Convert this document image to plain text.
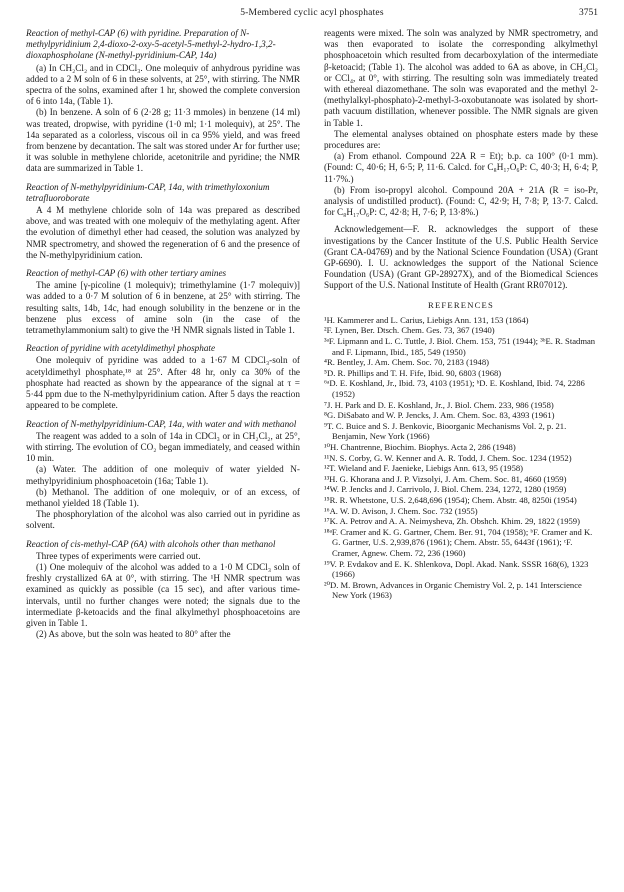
5-Membered cyclic acyl phosphates	3751

Reaction of methyl-CAP (6) with pyridine. Preparation of N-methylpyridinium 2,4-dioxo-2-oxy-5-acetyl-5-methyl-2-hydro-1,3,2-dioxaphospholane (N-methyl-pyridinium-CAP, 14a)

(a) In CH₂Cl₂ and in CDCl₃. One molequiv of anhydrous pyridine was added to a 2 M soln of 6 in these solvents, at 25°, with stirring. The NMR spectra of the solns, examined after 1 hr, showed the complete conversion of 6 into 14a, (Table 1).

(b) In benzene. A soln of 6 (2·28 g; 11·3 mmoles) in benzene (14 ml) was treated, dropwise, with pyridine (1·0 ml; 1·1 molequiv), at 25°. The 14a separated as a colorless, viscous oil in ca 95% yield, and was freed from benzene by decantation. The salt was stored under Ar for further use; it was soluble in methylene chloride, acetonitrile and pyridine; the NMR data are summarized in Table 1.

Reaction of N-methylpyridinium-CAP, 14a, with trimethyloxonium tetrafluoroborate

A 4 M methylene chloride soln of 14a was prepared as described above, and was treated with one molequiv of the methylating agent. After the evolution of dimethyl ether had ceased, the solution was analyzed by NMR spectrometry, and showed the regeneration of 6 and the presence of the N-methylpyridinium cation.

Reaction of methyl-CAP (6) with other tertiary amines

The amine [γ-picoline (1 molequiv); trimethylamine (1·7 molequiv)] was added to a 0·7 M solution of 6 in benzene, at 25° with stirring. The resulting salts, 14b, 14c, had enough solubility in the benzene or in the benzene plus excess of amine soln (in the case of the tetramethylammonium salt) to give the ¹H NMR signals listed in Table 1.

Reaction of pyridine with acetyldimethyl phosphate

One molequiv of pyridine was added to a 1·67 M CDCl₃-soln of acetyldimethyl phosphate,¹⁸ at 25°. After 48 hr, only ca 30% of the phosphate had reacted as shown by the appearance of the signal at τ = 5·44 ppm due to the N-methylpyridinium cation. After 5 days the reaction appeared to be complete.

Reaction of N-methylpyridinium-CAP, 14a, with water and with methanol

The reagent was added to a soln of 14a in CDCl₃ or in CH₂Cl₂, at 25°, with stirring. The evolution of CO₂ began immediately, and ceased within 10 min.

(a) Water. The addition of one molequiv of water yielded N-methylpyridinium phosphoacetoin (16a; Table 1).

(b) Methanol. The addition of one molequiv, or of an excess, of methanol yielded 18 (Table 1).

The phosphorylation of the alcohol was also carried out in pyridine as solvent.

Reaction of cis-methyl-CAP (6A) with alcohols other than methanol

Three types of experiments were carried out.

(1) One molequiv of the alcohol was added to a 1·0 M CDCl₃ soln of freshly crystallized 6A at 0°, with stirring. The ¹H NMR spectrum was examined as quickly as possible (ca 15 sec), and after various time-intervals, until no further changes were noted; the signals due to the intermediate β-ketoacids and the final alkylmethyl phosphoacetoins are given in Table 1.

(2) As above, but the soln was heated to 80° after the

reagents were mixed. The soln was analyzed by NMR spectrometry, and was then evaporated to isolate the corresponding alkylmethyl phosphoacetoin which resulted from decarboxylation of the intermediate β-ketoacid; (Table 1). The alcohol was added to 6A as above, in CH₂Cl₂ or CCl₄, at 0°, with stirring. The resulting soln was immediately treated with ethereal diazomethane. The soln was evaporated and the methyl 2-(methylalkyl-phosphato)-2-methyl-3-oxobutanoate was isolated by short-path vacuum distillation, whenever possible. The NMR signals are given in Table 1.

The elemental analyses obtained on phosphate esters made by these procedures are:

(a) From ethanol. Compound 22A R = Et); b.p. ca 100° (0·1 mm). (Found: C, 40·6; H, 6·5; P, 11·6. Calcd. for C₈H₁₇O₆P: C, 40·3; H, 6·4; P, 11·7%.)

(b) From iso-propyl alcohol. Compound 20A + 21A (R = iso-Pr, analysis of undistilled product). (Found: C, 42·9; H, 7·8; P, 13·7. Calcd. for C₈H₁₇O₆P: C, 42·8; H, 7·6; P, 13·8%.)

Acknowledgement—F. R. acknowledges the support of these investigations by the Cancer Institute of the U.S. Public Health Service (Grant CA-04769) and by the National Science Foundation (USA) (Grant GP-6690). I. U. acknowledges the support of the National Science Foundation (USA) (Grant GP-28927X), and of the Biomedical Sciences Support of the U.S. National Institute of Health (Grant RR07012).

REFERENCES

¹H. Kammerer and L. Carius, Liebigs Ann. 131, 153 (1864)

²F. Lynen, Ber. Dtsch. Chem. Ges. 73, 367 (1940)

³ᵃF. Lipmann and L. C. Tuttle, J. Biol. Chem. 153, 751 (1944); ³ᵇE. R. Stadman and F. Lipmann, Ibid., 185, 549 (1950)

⁴R. Bentley, J. Am. Chem. Soc. 70, 2183 (1948)

⁵D. R. Phillips and T. H. Fife, Ibid. 90, 6803 (1968)

⁶ᵃD. E. Koshland, Jr., Ibid. 73, 4103 (1951); ᵇD. E. Koshland, Ibid. 74, 2286 (1952)

⁷J. H. Park and D. E. Koshland, Jr., J. Biol. Chem. 233, 986 (1958)

⁸G. DiSabato and W. P. Jencks, J. Am. Chem. Soc. 83, 4393 (1961)

⁹T. C. Buice and S. J. Benkovic, Bioorganic Mechanisms Vol. 2, p. 21. Benjamin, New York (1966)

¹⁰H. Chantrenne, Biochim. Biophys. Acta 2, 286 (1948)

¹¹N. S. Corby, G. W. Kenner and A. R. Todd, J. Chem. Soc. 1234 (1952)

¹²T. Wieland and F. Jaenieke, Liebigs Ann. 613, 95 (1958)

¹³H. G. Khorana and J. P. Vizsolyi, J. Am. Chem. Soc. 81, 4660 (1959)

¹⁴W. P. Jencks and J. Carrivolo, J. Biol. Chem. 234, 1272, 1280 (1959)

¹⁵R. R. Whetstone, U.S. 2,648,696 (1954); Chem. Abstr. 48, 8250i (1954)

¹⁶A. W. D. Avison, J. Chem. Soc. 732 (1955)

¹⁷K. A. Petrov and A. A. Neimysheva, Zh. Obshch. Khim. 29, 1822 (1959)

¹⁸ᵃF. Cramer and K. G. Gartner, Chem. Ber. 91, 704 (1958); ᵇF. Cramer and K. G. Gartner, U.S. 2,939,876 (1961); Chem. Abstr. 55, 6443f (1961); ᶜF. Cramer, Agnew. Chem. 72, 236 (1960)

¹⁹V. P. Evdakov and E. K. Shlenkova, Dopl. Akad. Nank. SSSR 168(6), 1323 (1966)

²⁰D. M. Brown, Advances in Organic Chemistry Vol. 2, p. 141 Interscience New York (1963)
